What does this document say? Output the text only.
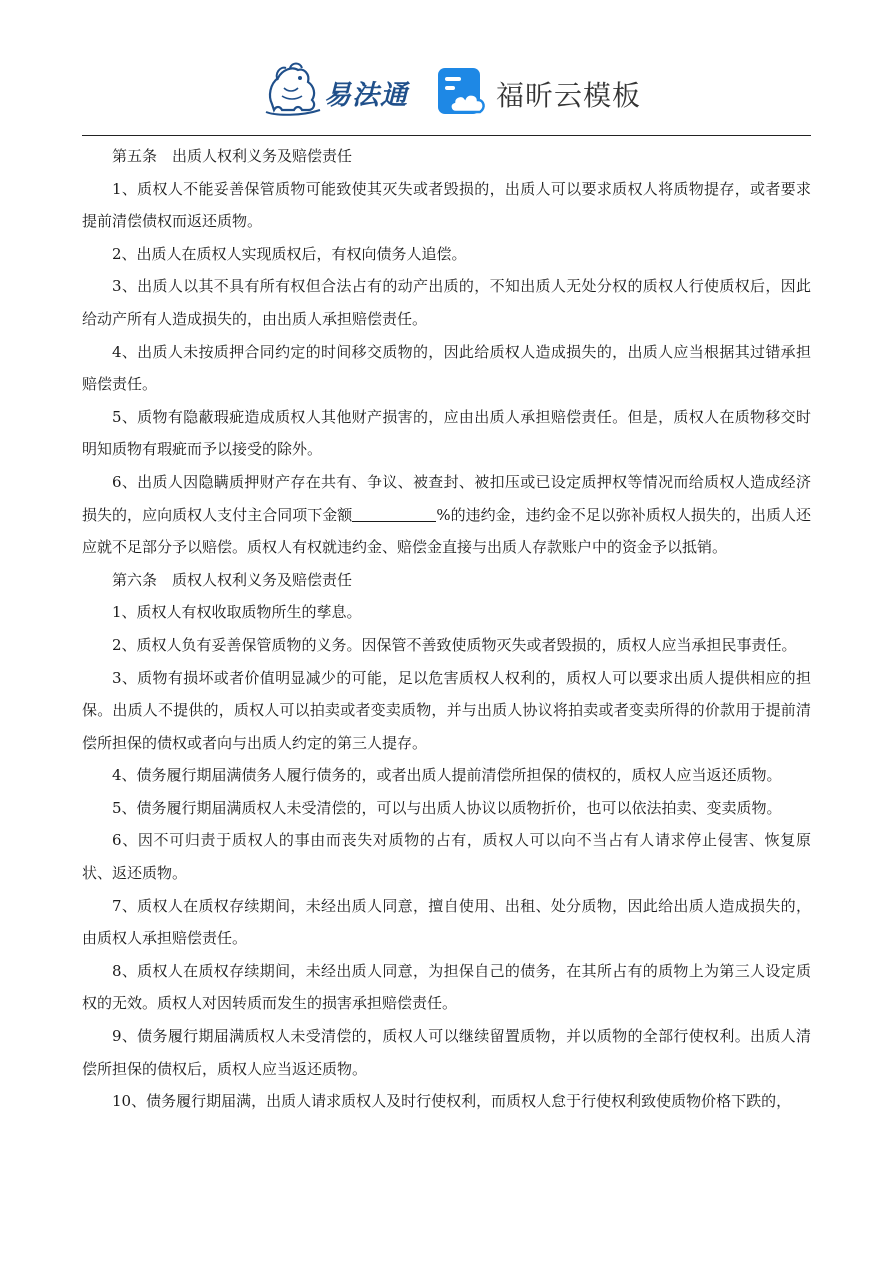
易法通	福昕云模板

第五条　出质人权利义务及赔偿责任

1、质权人不能妥善保管质物可能致使其灭失或者毁损的，出质人可以要求质权人将质物提存，或者要求提前清偿债权而返还质物。

2、出质人在质权人实现质权后，有权向债务人追偿。

3、出质人以其不具有所有权但合法占有的动产出质的，不知出质人无处分权的质权人行使质权后，因此给动产所有人造成损失的，由出质人承担赔偿责任。

4、出质人未按质押合同约定的时间移交质物的，因此给质权人造成损失的，出质人应当根据其过错承担赔偿责任。

5、质物有隐蔽瑕疵造成质权人其他财产损害的，应由出质人承担赔偿责任。但是，质权人在质物移交时明知质物有瑕疵而予以接受的除外。

6、出质人因隐瞒质押财产存在共有、争议、被查封、被扣压或已设定质押权等情况而给质权人造成经济损失的，应向质权人支付主合同项下金额	%的违约金，违约金不足以弥补质权人损失的，出质人还应就不足部分予以赔偿。质权人有权就违约金、赔偿金直接与出质人存款账户中的资金予以抵销。

第六条　质权人权利义务及赔偿责任

1、质权人有权收取质物所生的孳息。

2、质权人负有妥善保管质物的义务。因保管不善致使质物灭失或者毁损的，质权人应当承担民事责任。

3、质物有损坏或者价值明显减少的可能，足以危害质权人权利的，质权人可以要求出质人提供相应的担保。出质人不提供的，质权人可以拍卖或者变卖质物，并与出质人协议将拍卖或者变卖所得的价款用于提前清偿所担保的债权或者向与出质人约定的第三人提存。

4、债务履行期届满债务人履行债务的，或者出质人提前清偿所担保的债权的，质权人应当返还质物。

5、债务履行期届满质权人未受清偿的，可以与出质人协议以质物折价，也可以依法拍卖、变卖质物。

6、因不可归责于质权人的事由而丧失对质物的占有，质权人可以向不当占有人请求停止侵害、恢复原状、返还质物。

7、质权人在质权存续期间，未经出质人同意，擅自使用、出租、处分质物，因此给出质人造成损失的，由质权人承担赔偿责任。

8、质权人在质权存续期间，未经出质人同意，为担保自己的债务，在其所占有的质物上为第三人设定质权的无效。质权人对因转质而发生的损害承担赔偿责任。

9、债务履行期届满质权人未受清偿的，质权人可以继续留置质物，并以质物的全部行使权利。出质人清偿所担保的债权后，质权人应当返还质物。

10、债务履行期届满，出质人请求质权人及时行使权利，而质权人怠于行使权利致使质物价格下跌的，
